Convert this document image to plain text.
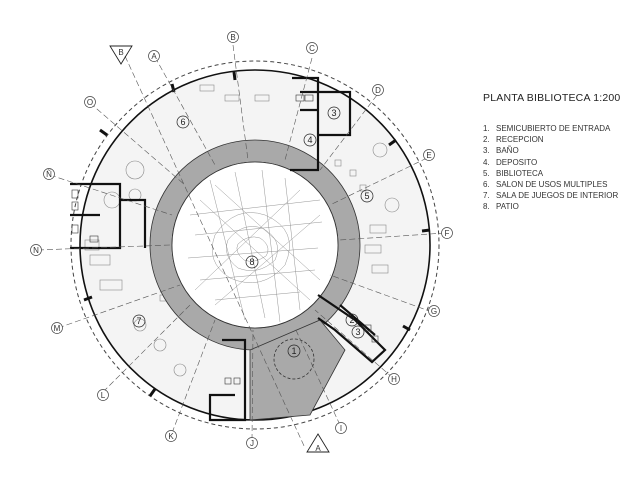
B
A
B
C
D
E
F
G
H
I
J
K
L
M
N
Ñ
O
A
1
2
3
3
4
5
6
7
8
PLANTA BIBLIOTECA 1:200
1. SEMICUBIERTO DE ENTRADA
2. RECEPCION
3. BAÑO
4. DEPOSITO
5. BIBLIOTECA
6. SALON DE USOS MULTIPLES
7. SALA DE JUEGOS DE INTERIOR
8. PATIO
